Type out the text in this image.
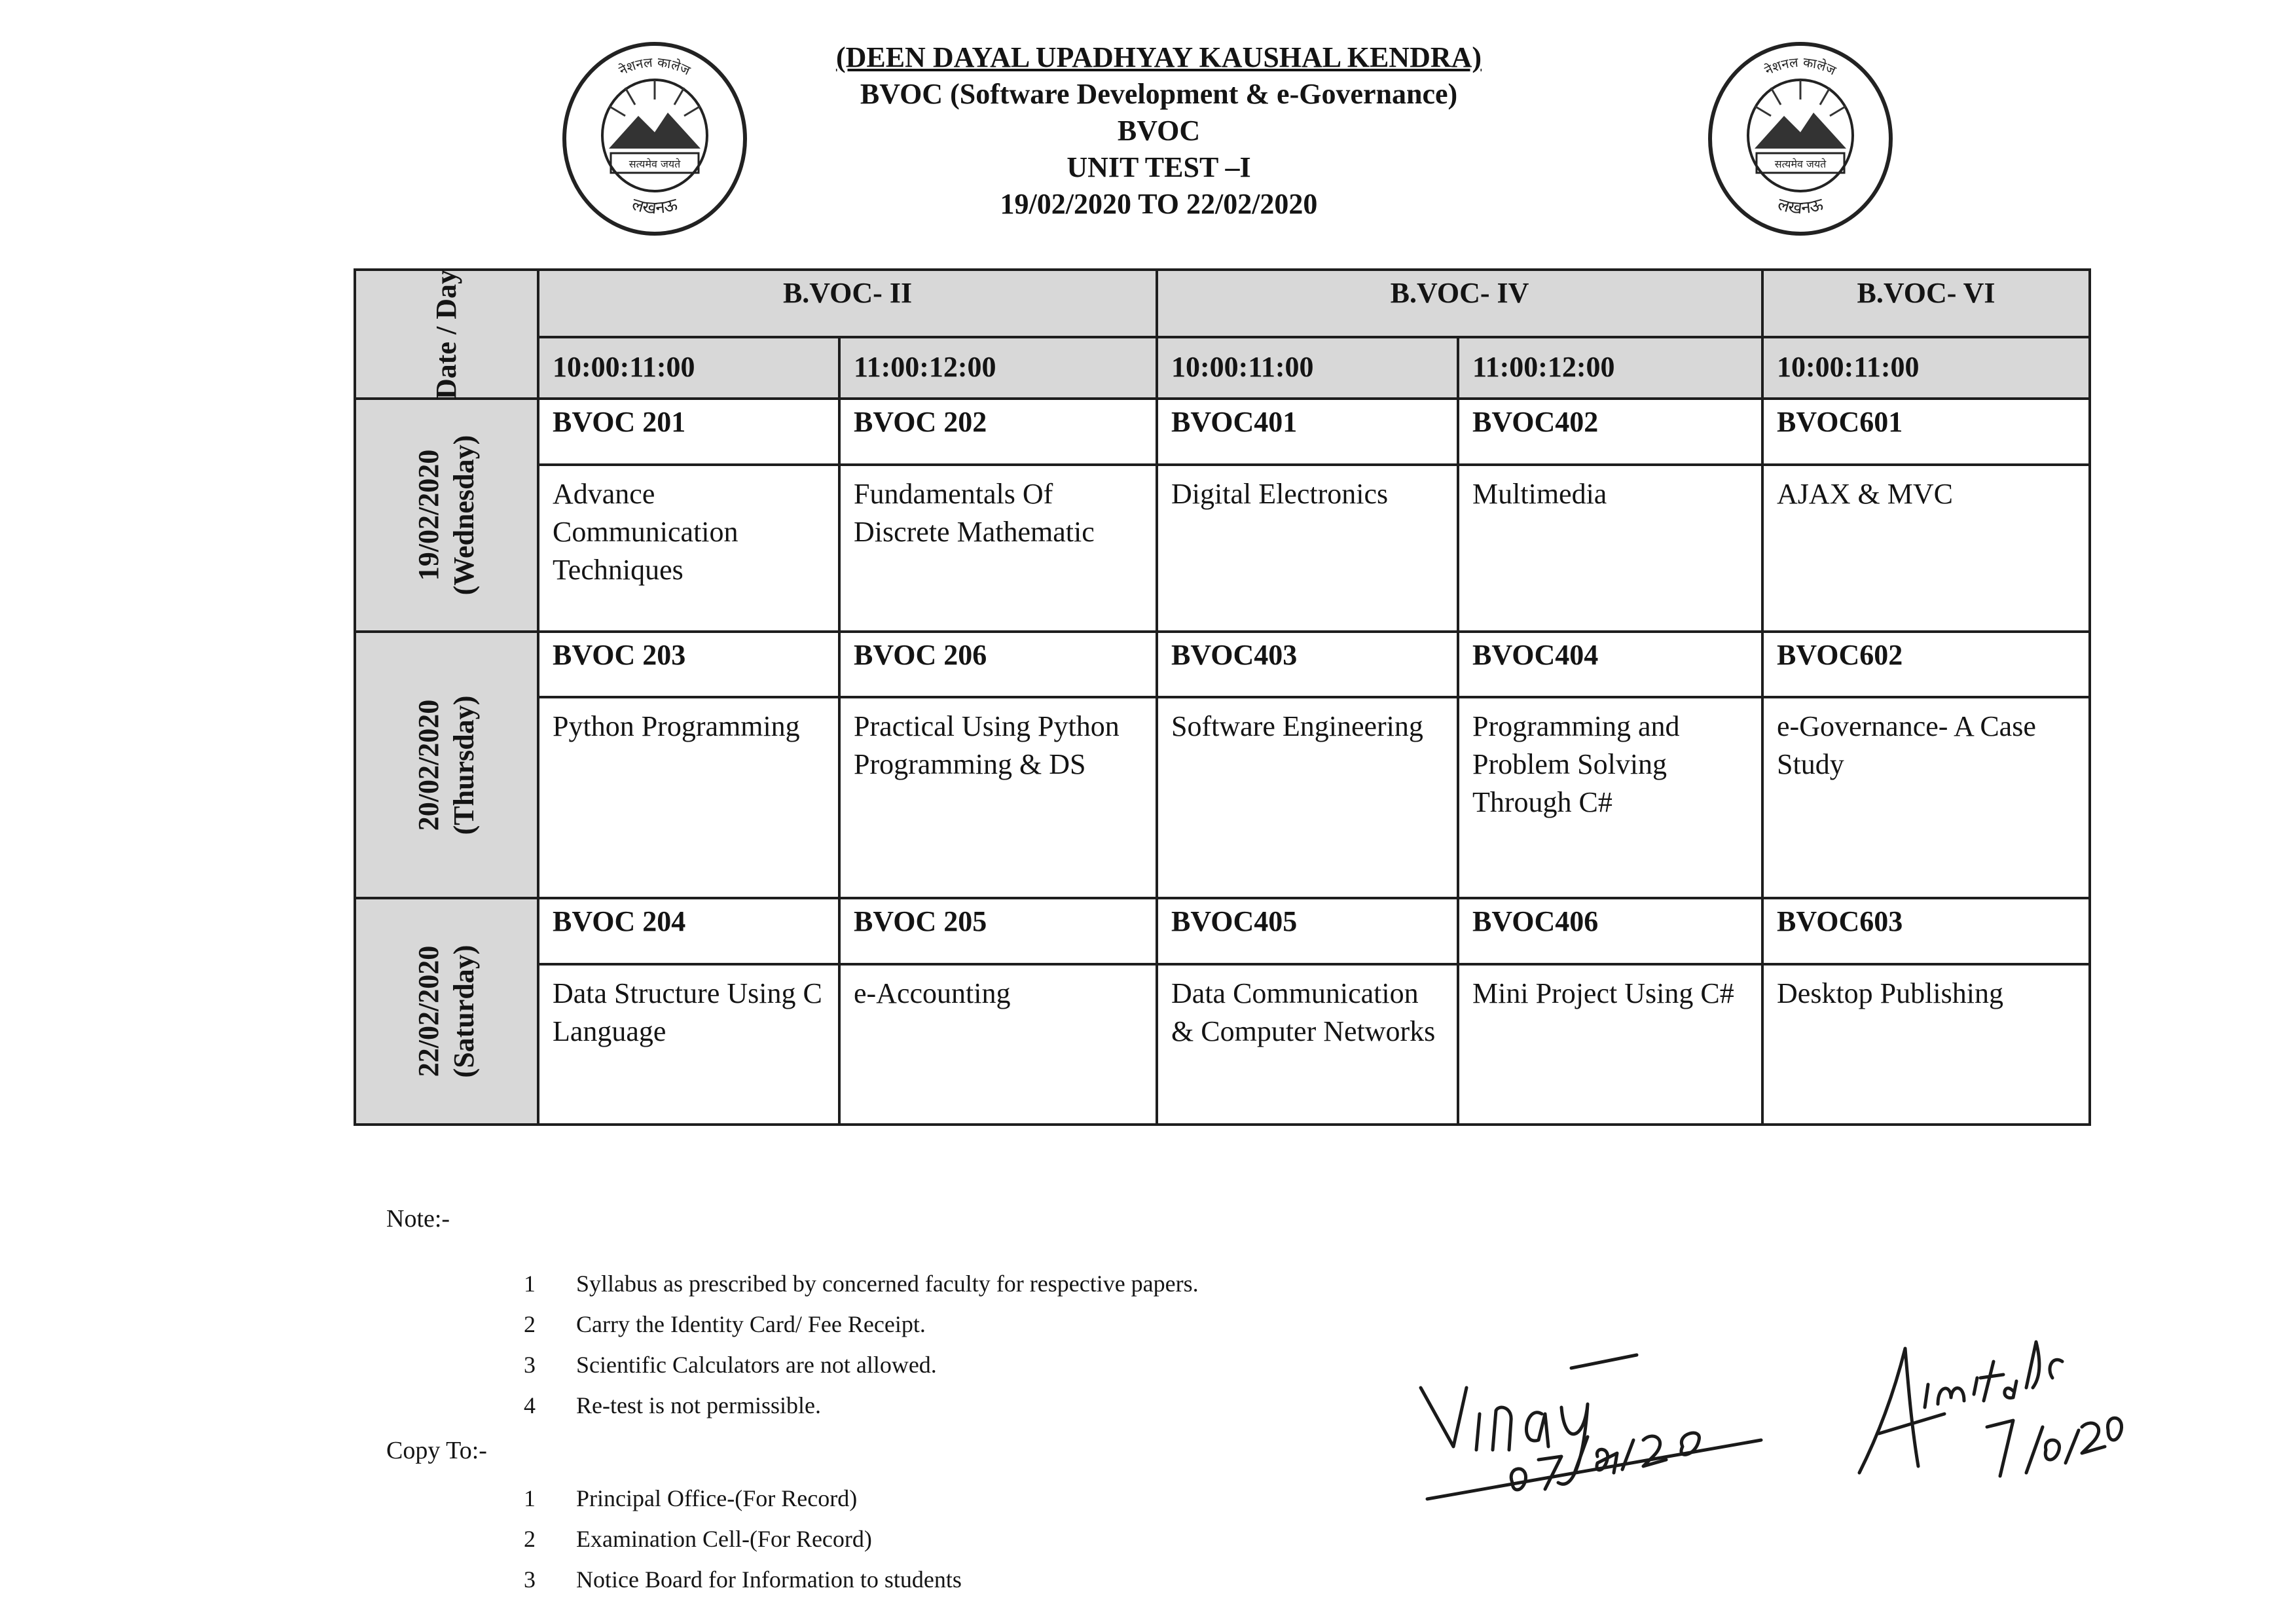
नेशनल कालेज
सत्यमेव जयते
लखनऊ
नेशनल कालेज
सत्यमेव जयते
लखनऊ
(DEEN DAYAL UPADHYAY KAUSHAL KENDRA)
BVOC (Software Development & e-Governance)
BVOC
UNIT TEST –I
19/02/2020 TO 22/02/2020
Date / Day	B.VOC- II		B.VOC- IV		B.VOC- VI
	10:00:11:00	11:00:12:00	10:00:11:00	11:00:12:00	10:00:11:00

19/02/2020 (Wednesday)	BVOC 201	BVOC 202	BVOC401	BVOC402	BVOC601
	Advance Communication Techniques	Fundamentals Of Discrete Mathematic	Digital Electronics	Multimedia	AJAX & MVC

20/02/2020 (Thursday)	BVOC 203	BVOC 206	BVOC403	BVOC404	BVOC602
	Python Programming	Practical Using Python Programming & DS	Software Engineering	Programming and Problem Solving Through C#	e-Governance- A Case Study

22/02/2020 (Saturday)	BVOC 204	BVOC 205	BVOC405	BVOC406	BVOC603
	Data Structure Using C Language	e-Accounting	Data Communication & Computer Networks	Mini Project Using C#	Desktop Publishing
Note:-
1 Syllabus as prescribed by concerned faculty for respective papers.
2 Carry the Identity Card/ Fee Receipt.
3 Scientific Calculators are not allowed.
4 Re-test is not permissible.
Copy To:-
1 Principal Office-(For Record)
2 Examination Cell-(For Record)
3 Notice Board for Information to students
